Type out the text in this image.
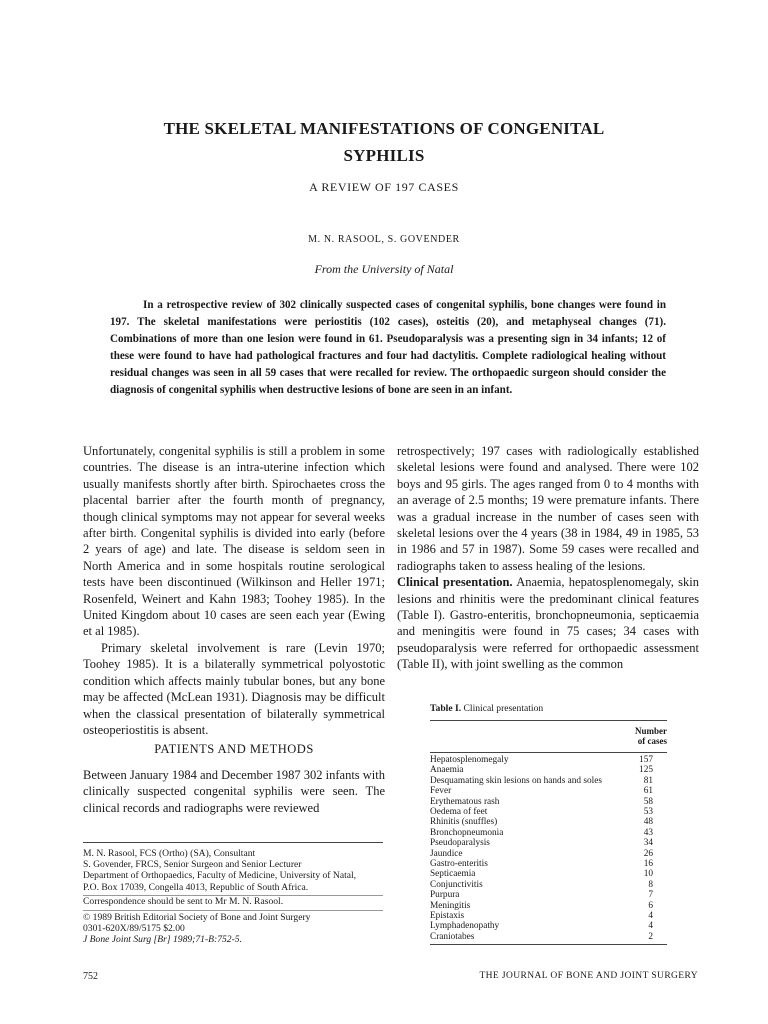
THE SKELETAL MANIFESTATIONS OF CONGENITAL
SYPHILIS
A REVIEW OF 197 CASES
M. N. RASOOL, S. GOVENDER
From the University of Natal
In a retrospective review of 302 clinically suspected cases of congenital syphilis, bone changes were found in 197. The skeletal manifestations were periostitis (102 cases), osteitis (20), and metaphyseal changes (71). Combinations of more than one lesion were found in 61. Pseudoparalysis was a presenting sign in 34 infants; 12 of these were found to have had pathological fractures and four had dactylitis. Complete radiological healing without residual changes was seen in all 59 cases that were recalled for review. The orthopaedic surgeon should consider the diagnosis of congenital syphilis when destructive lesions of bone are seen in an infant.

Unfortunately, congenital syphilis is still a problem in some countries. The disease is an intra-uterine infection which usually manifests shortly after birth. Spirochaetes cross the placental barrier after the fourth month of pregnancy, though clinical symptoms may not appear for several weeks after birth. Congenital syphilis is divided into early (before 2 years of age) and late. The disease is seldom seen in North America and in some hospitals routine serological tests have been discontinued (Wilkinson and Heller 1971; Rosenfeld, Weinert and Kahn 1983; Toohey 1985). In the United Kingdom about 10 cases are seen each year (Ewing et al 1985).

Primary skeletal involvement is rare (Levin 1970; Toohey 1985). It is a bilaterally symmetrical polyostotic condition which affects mainly tubular bones, but any bone may be affected (McLean 1931). Diagnosis may be difficult when the classical presentation of bilaterally symmetrical osteoperiostitis is absent.

PATIENTS AND METHODS

Between January 1984 and December 1987 302 infants with clinically suspected congenital syphilis were seen. The clinical records and radiographs were reviewed

M. N. Rasool, FCS (Ortho) (SA), Consultant
S. Govender, FRCS, Senior Surgeon and Senior Lecturer
Department of Orthopaedics, Faculty of Medicine, University of Natal,
P.O. Box 17039, Congella 4013, Republic of South Africa.
Correspondence should be sent to Mr M. N. Rasool.
© 1989 British Editorial Society of Bone and Joint Surgery
0301-620X/89/5175 $2.00
J Bone Joint Surg [Br] 1989;71-B:752-5.

retrospectively; 197 cases with radiologically established skeletal lesions were found and analysed. There were 102 boys and 95 girls. The ages ranged from 0 to 4 months with an average of 2.5 months; 19 were premature infants. There was a gradual increase in the number of cases seen with skeletal lesions over the 4 years (38 in 1984, 49 in 1985, 53 in 1986 and 57 in 1987). Some 59 cases were recalled and radiographs taken to assess healing of the lesions.

Clinical presentation. Anaemia, hepatosplenomegaly, skin lesions and rhinitis were the predominant clinical features (Table I). Gastro-enteritis, bronchopneumonia, septicaemia and meningitis were found in 75 cases; 34 cases with pseudoparalysis were referred for orthopaedic assessment (Table II), with joint swelling as the common

Table I. Clinical presentation
Number
of cases
Hepatosplenomegaly	157
Anaemia	125
Desquamating skin lesions on hands and soles	81
Fever	61
Erythematous rash	58
Oedema of feet	53
Rhinitis (snuffles)	48
Bronchopneumonia	43
Pseudoparalysis	34
Jaundice	26
Gastro-enteritis	16
Septicaemia	10
Conjunctivitis	8
Purpura	7
Meningitis	6
Epistaxis	4
Lymphadenopathy	4
Craniotabes	2
752	THE JOURNAL OF BONE AND JOINT SURGERY
